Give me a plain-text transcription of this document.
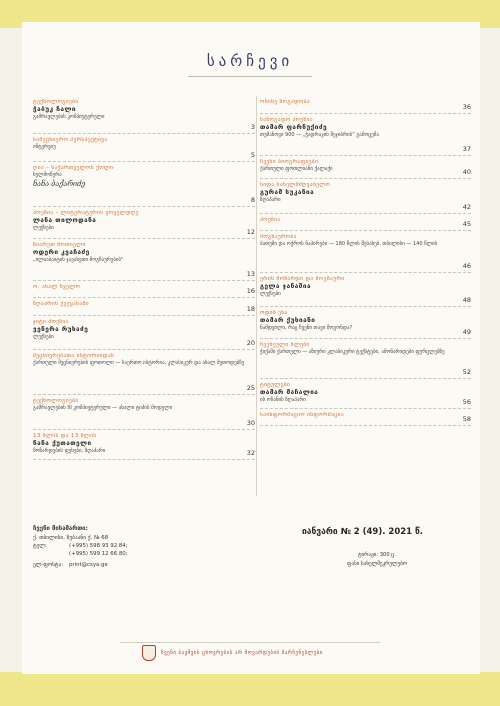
სარჩევი
ტექნოლოგიები
ჭაბუკ ჩალი
გამრავლების კომპიუტერული
3
სამეცნიერო პერსპექტივა
ინტერვიუ
5
ღია – საქართველოს ქოლი
ხელმოწერა
ნანა ბაქარიძე
8
პოეზია – ლიტერატურის ყოველდღე
ლანა თილოდანა
ლექსები	12
ზიარეთ შოთიელი
ოდერი კვაჩაძე
„ილიაბაიტის ჯავახეთი მოგზაურების“
13
ო, ახალ ჩველო	16
ზღაპრის ქვეყანაში
18
ჯიტი პოეზია
ვენერა რუხაძე
ლექსები
20
მეცნიერებათა ისტორიიდან
ქართული მეცნიერების ფოთოლი — საერთო ისტორია, კლასიკურ და ახალ მეთოდებზე
25
ტექნოლოგიები
გამრავლების III კომპიუტერული — ახალი ტიპის მოდელი
30
13 წლის და 13 წლის
ნანა ქუთათელი
მოზარდების ფეხები, ზღაპარი	32
ოჩინე ზოგადობა
36
საზოგადო პოეზია
თამარ ფარნუქიძე
თუმანოვი 900 — „ჭადრაკის შეჯიბრის“ გამოცემა
37
ჩვენი ბიოგრაფიები
ქართული ფოთლიანი ქალაქი	40
სიდა სახელმძღვანელო
გურამ სუკანია
ზღაპარი
42
პოეზია	45
მოგზაურობა
ბათუმი და ოქროს ნაპირები — 180 წლის შესახებ, თბილისი — 140 წლის
46
ერის მოზარდი და მოგზაური
გელა ჯანაშია
ლექსები
48
ოდის ენა
თამარ ქუხიანი
ნამდვილი, რაც ჩვენი თავი მოგონდა?	49
ჩვენეული წლები
ჭიქაში ქართული — აზიური კლასიკური ტექსტები, ამონარიდები ფურცლებზე
52
ტიტულები
თამარ მაჩალია
ის ოჩანის ზღაპარი	56
საინფორმაციო ინფორმაცია	58
ჩვენი მისამართი:
ქ. თბილისი, ზუბაანი ქ. № 68
ტელ:	(+995) 598 93 92 84;
(+995) 599 12 66 80;
ელ-ფოსტა:	print@csya.ge
იანვარი № 2 (49). 2021 წ.
ტირაჟი: 300 ც.
ფასი სახელშეკრულებო
ჩვენი ბავშვის ცხოვრების არ მოვარდების მარჩენებლები
